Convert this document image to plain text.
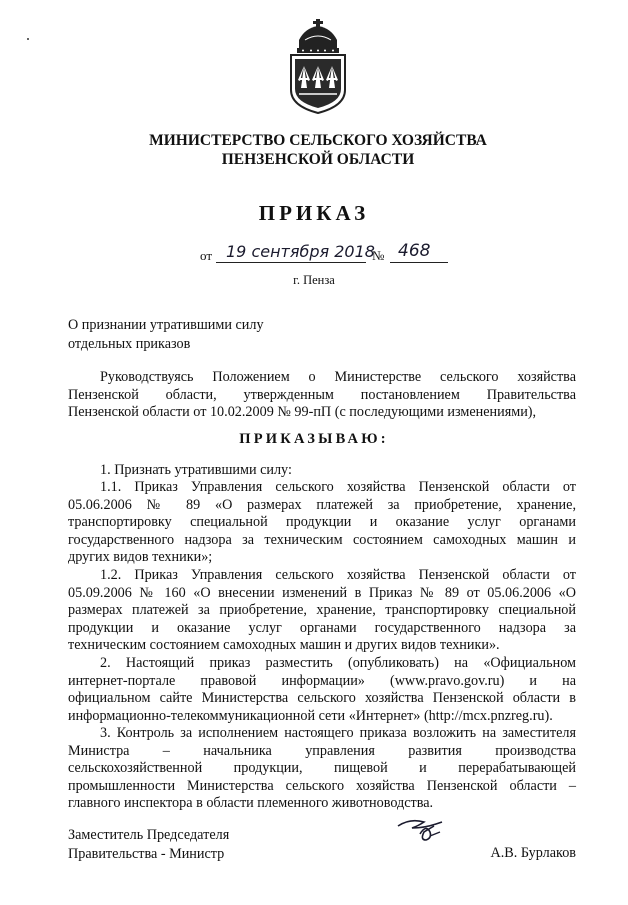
МИНИСТЕРСТВО СЕЛЬСКОГО ХОЗЯЙСТВА
ПЕНЗЕНСКОЙ ОБЛАСТИ
ПРИКАЗ
от 19 сентября 2018
№ 468
г. Пенза
О признании утратившими силу
отдельных приказов
Руководствуясь Положением о Министерстве сельского хозяйства
Пензенской области, утвержденным постановлением Правительства
Пензенской области от 10.02.2009 № 99-пП (с последующими изменениями),
ПРИКАЗЫВАЮ:
1. Признать утратившими силу:
1.1. Приказ Управления сельского хозяйства Пензенской области от
05.06.2006 № 89 «О размерах платежей за приобретение, хранение,
транспортировку специальной продукции и оказание услуг органами
государственного надзора за техническим состоянием самоходных машин и
других видов техники»;
1.2. Приказ Управления сельского хозяйства Пензенской области от
05.09.2006 № 160 «О внесении изменений в Приказ № 89 от 05.06.2006 «О
размерах платежей за приобретение, хранение, транспортировку специальной
продукции и оказание услуг органами государственного надзора за
техническим состоянием самоходных машин и других видов техники».
2. Настоящий приказ разместить (опубликовать) на «Официальном
интернет-портале правовой информации» (www.pravo.gov.ru) и на
официальном сайте Министерства сельского хозяйства Пензенской области в
информационно-телекоммуникационной сети «Интернет» (http://mcx.pnzreg.ru).
3. Контроль за исполнением настоящего приказа возложить на заместителя
Министра – начальника управления развития производства
сельскохозяйственной продукции, пищевой и перерабатывающей
промышленности Министерства сельского хозяйства Пензенской области –
главного инспектора в области племенного животноводства.
Заместитель Председателя
Правительства - Министр	А.В. Бурлаков
